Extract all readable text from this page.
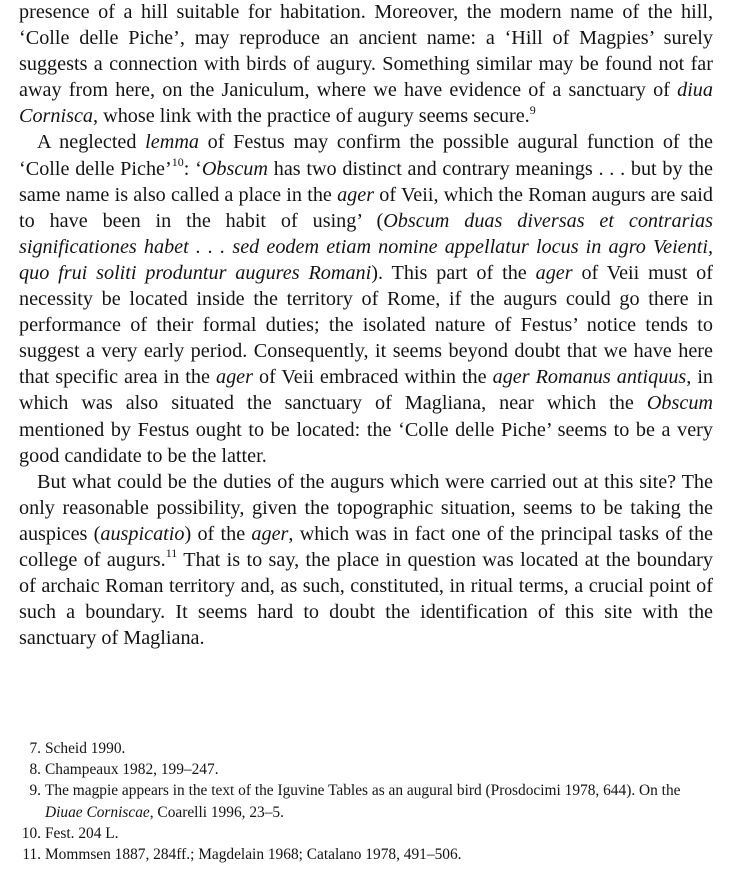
presence of a hill suitable for habitation. Moreover, the modern name of the hill, ‘Colle delle Piche’, may reproduce an ancient name: a ‘Hill of Magpies’ surely suggests a connection with birds of augury. Something similar may be found not far away from here, on the Janiculum, where we have evidence of a sanctuary of diua Cornisca, whose link with the practice of augury seems secure.$^9$

A neglected lemma of Festus may confirm the possible augural function of the ‘Colle delle Piche’$^{10}$: ‘Obscum has two distinct and contrary meanings . . . but by the same name is also called a place in the ager of Veii, which the Roman augurs are said to have been in the habit of using’ (Obscum duas diversas et contrarias significationes habet . . . sed eodem etiam nomine appellatur locus in agro Veienti, quo frui soliti produntur augures Romani). This part of the ager of Veii must of necessity be located inside the territory of Rome, if the augurs could go there in performance of their formal duties; the isolated nature of Festus’ notice tends to suggest a very early period. Consequently, it seems beyond doubt that we have here that specific area in the ager of Veii embraced within the ager Romanus antiquus, in which was also situated the sanctuary of Magliana, near which the Obscum mentioned by Festus ought to be located: the ‘Colle delle Piche’ seems to be a very good candidate to be the latter.

But what could be the duties of the augurs which were carried out at this site? The only reasonable possibility, given the topographic situation, seems to be taking the auspices (auspicatio) of the ager, which was in fact one of the principal tasks of the college of augurs.$^{11}$ That is to say, the place in question was located at the boundary of archaic Roman territory and, as such, constituted, in ritual terms, a crucial point of such a boundary. It seems hard to doubt the identification of this site with the sanctuary of Magliana.

7. Scheid 1990.
8. Champeaux 1982, 199–247.
9. The magpie appears in the text of the Iguvine Tables as an augural bird (Prosdocimi 1978, 644). On the Diuae Corniscae, Coarelli 1996, 23–5.
10. Fest. 204 L.
11. Mommsen 1887, 284ff.; Magdelain 1968; Catalano 1978, 491–506.
